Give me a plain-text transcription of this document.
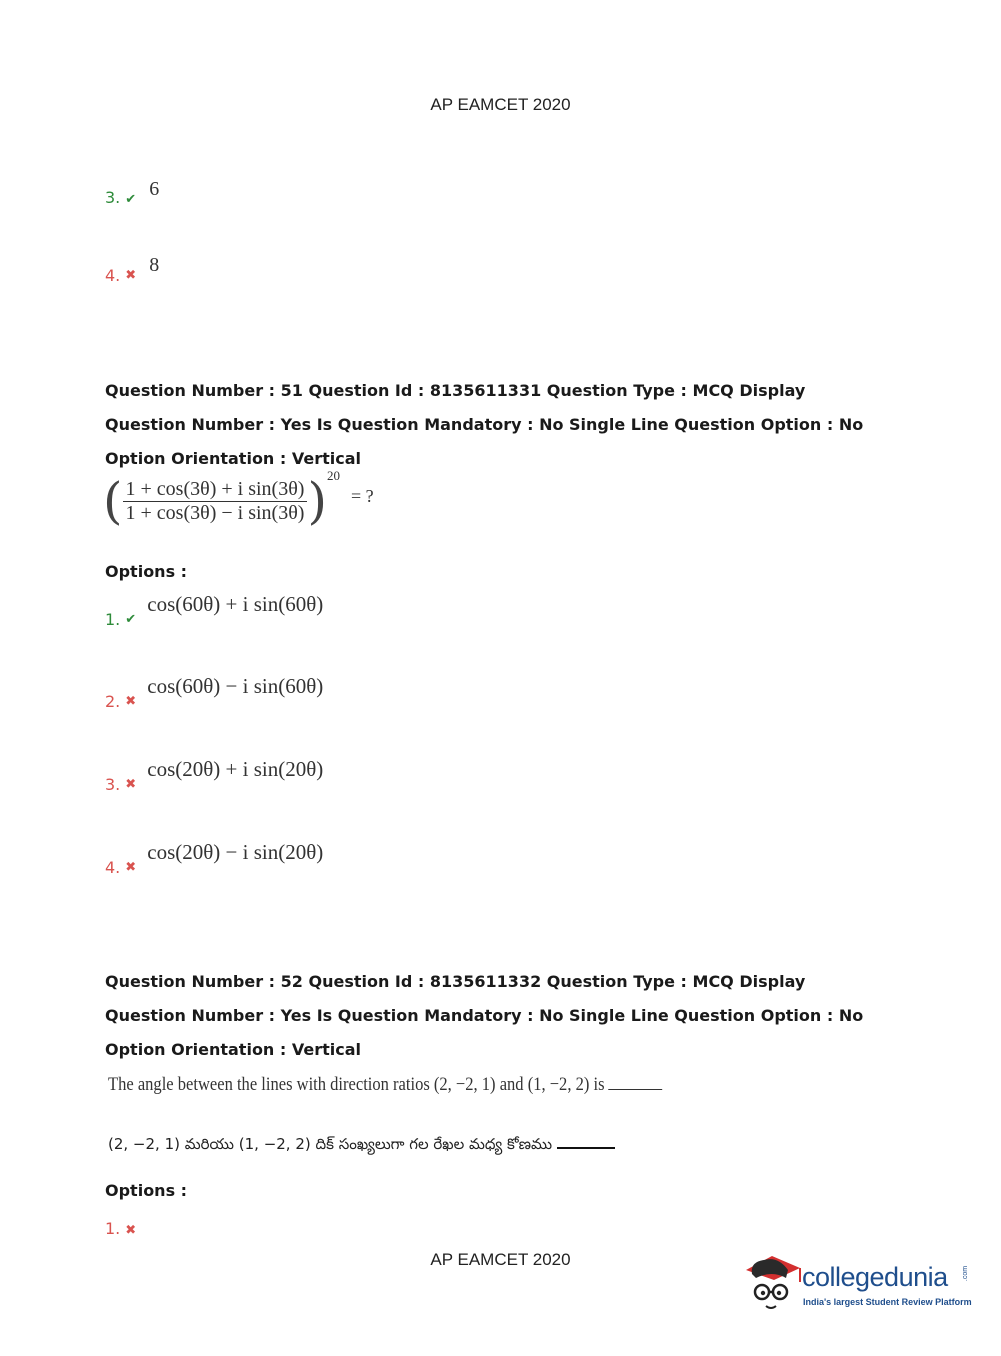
AP EAMCET 2020
3. $_✔$ 6
4. $_✖$ 8
Question Number : 51 Question Id : 8135611331 Question Type : MCQ Display Question Number : Yes Is Question Mandatory : No Single Line Question Option : No Option Orientation : Vertical
( $\frac{\text{1 + cos(3θ) + i sin(3θ)}}{\text{1 + cos(3θ) − i sin(3θ)}} )^{20}$ = ?
Options :
1. $_✔$ cos(60θ) + i sin(60θ)
2. $_✖$ cos(60θ) − i sin(60θ)
3. $_✖$ cos(20θ) + i sin(20θ)
4. $_✖$ cos(20θ) − i sin(20θ)
Question Number : 52 Question Id : 8135611332 Question Type : MCQ Display Question Number : Yes Is Question Mandatory : No Single Line Question Option : No Option Orientation : Vertical
The angle between the lines with direction ratios (2, −2, 1) and (1, −2, 2) is
(2, −2, 1) మరియు (1, −2, 2) దిక్ సంఖ్యలుగా గల రేఖల మధ్య కోణము
Options :
1. ✖
AP EAMCET 2020
collegedunia .com
India's largest Student Review Platform
